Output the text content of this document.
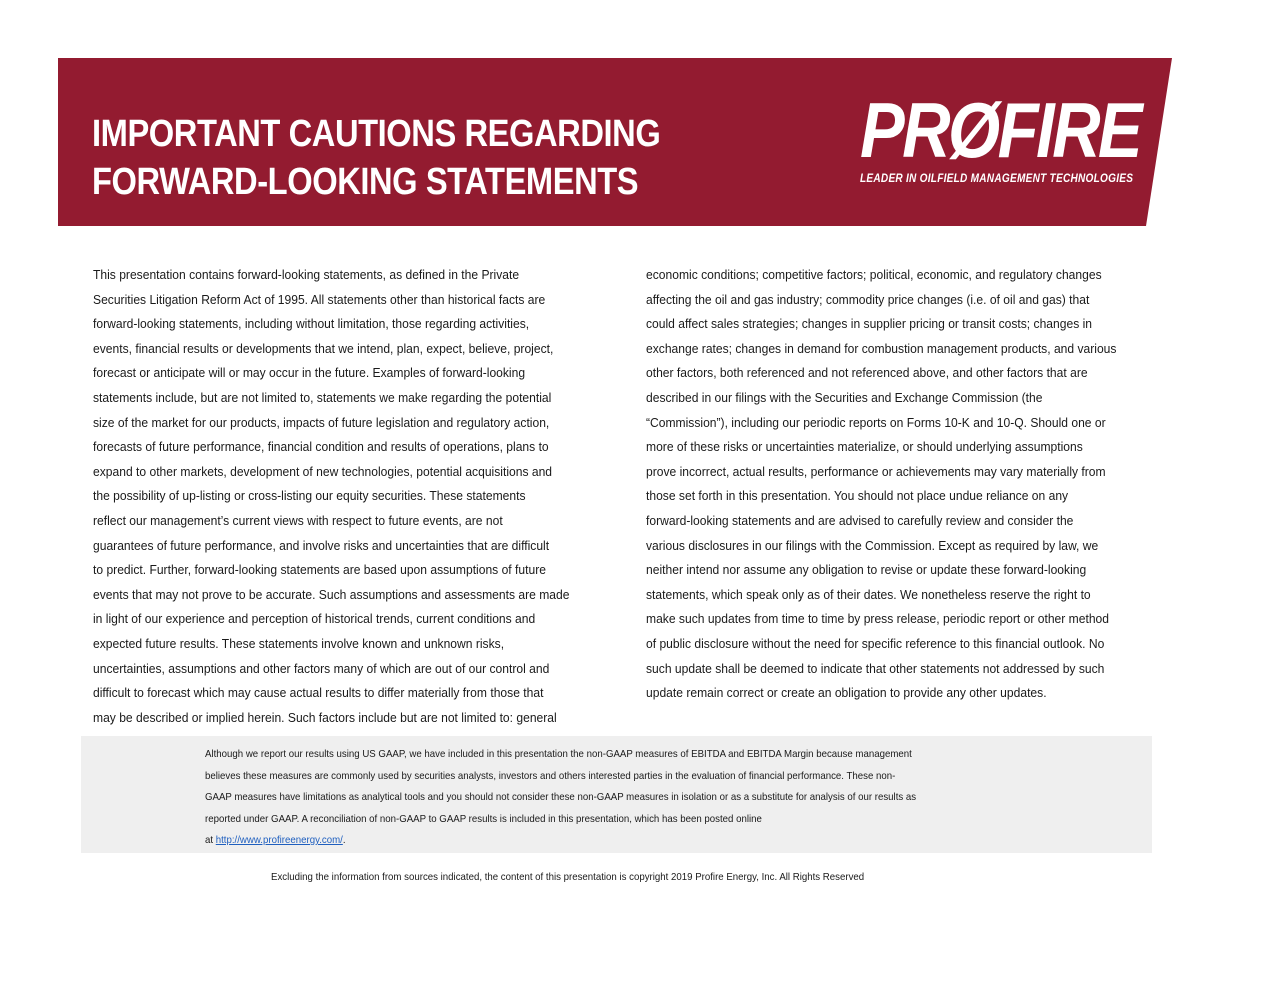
IMPORTANT CAUTIONS REGARDING
FORWARD-LOOKING STATEMENTS
PRØFIRE
LEADER IN OILFIELD MANAGEMENT TECHNOLOGIES
This presentation contains forward-looking statements, as defined in the Private
Securities Litigation Reform Act of 1995. All statements other than historical facts are
forward-looking statements, including without limitation, those regarding activities,
events, financial results or developments that we intend, plan, expect, believe, project,
forecast or anticipate will or may occur in the future. Examples of forward-looking
statements include, but are not limited to, statements we make regarding the potential
size of the market for our products, impacts of future legislation and regulatory action,
forecasts of future performance, financial condition and results of operations, plans to
expand to other markets, development of new technologies, potential acquisitions and
the possibility of up-listing or cross-listing our equity securities. These statements
reflect our management’s current views with respect to future events, are not
guarantees of future performance, and involve risks and uncertainties that are difficult
to predict. Further, forward-looking statements are based upon assumptions of future
events that may not prove to be accurate. Such assumptions and assessments are made
in light of our experience and perception of historical trends, current conditions and
expected future results. These statements involve known and unknown risks,
uncertainties, assumptions and other factors many of which are out of our control and
difficult to forecast which may cause actual results to differ materially from those that
may be described or implied herein. Such factors include but are not limited to: general
economic conditions; competitive factors; political, economic, and regulatory changes
affecting the oil and gas industry; commodity price changes (i.e. of oil and gas) that
could affect sales strategies; changes in supplier pricing or transit costs; changes in
exchange rates; changes in demand for combustion management products, and various
other factors, both referenced and not referenced above, and other factors that are
described in our filings with the Securities and Exchange Commission (the
“Commission”), including our periodic reports on Forms 10-K and 10-Q. Should one or
more of these risks or uncertainties materialize, or should underlying assumptions
prove incorrect, actual results, performance or achievements may vary materially from
those set forth in this presentation. You should not place undue reliance on any
forward-looking statements and are advised to carefully review and consider the
various disclosures in our filings with the Commission. Except as required by law, we
neither intend nor assume any obligation to revise or update these forward-looking
statements, which speak only as of their dates. We nonetheless reserve the right to
make such updates from time to time by press release, periodic report or other method
of public disclosure without the need for specific reference to this financial outlook. No
such update shall be deemed to indicate that other statements not addressed by such
update remain correct or create an obligation to provide any other updates.
Although we report our results using US GAAP, we have included in this presentation the non-GAAP measures of EBITDA and EBITDA Margin because management
believes these measures are commonly used by securities analysts, investors and others interested parties in the evaluation of financial performance. These non-
GAAP measures have limitations as analytical tools and you should not consider these non-GAAP measures in isolation or as a substitute for analysis of our results as
reported under GAAP. A reconciliation of non-GAAP to GAAP results is included in this presentation, which has been posted online
at http://www.profireenergy.com/.
Excluding the information from sources indicated, the content of this presentation is copyright 2019 Profire Energy, Inc. All Rights Reserved
